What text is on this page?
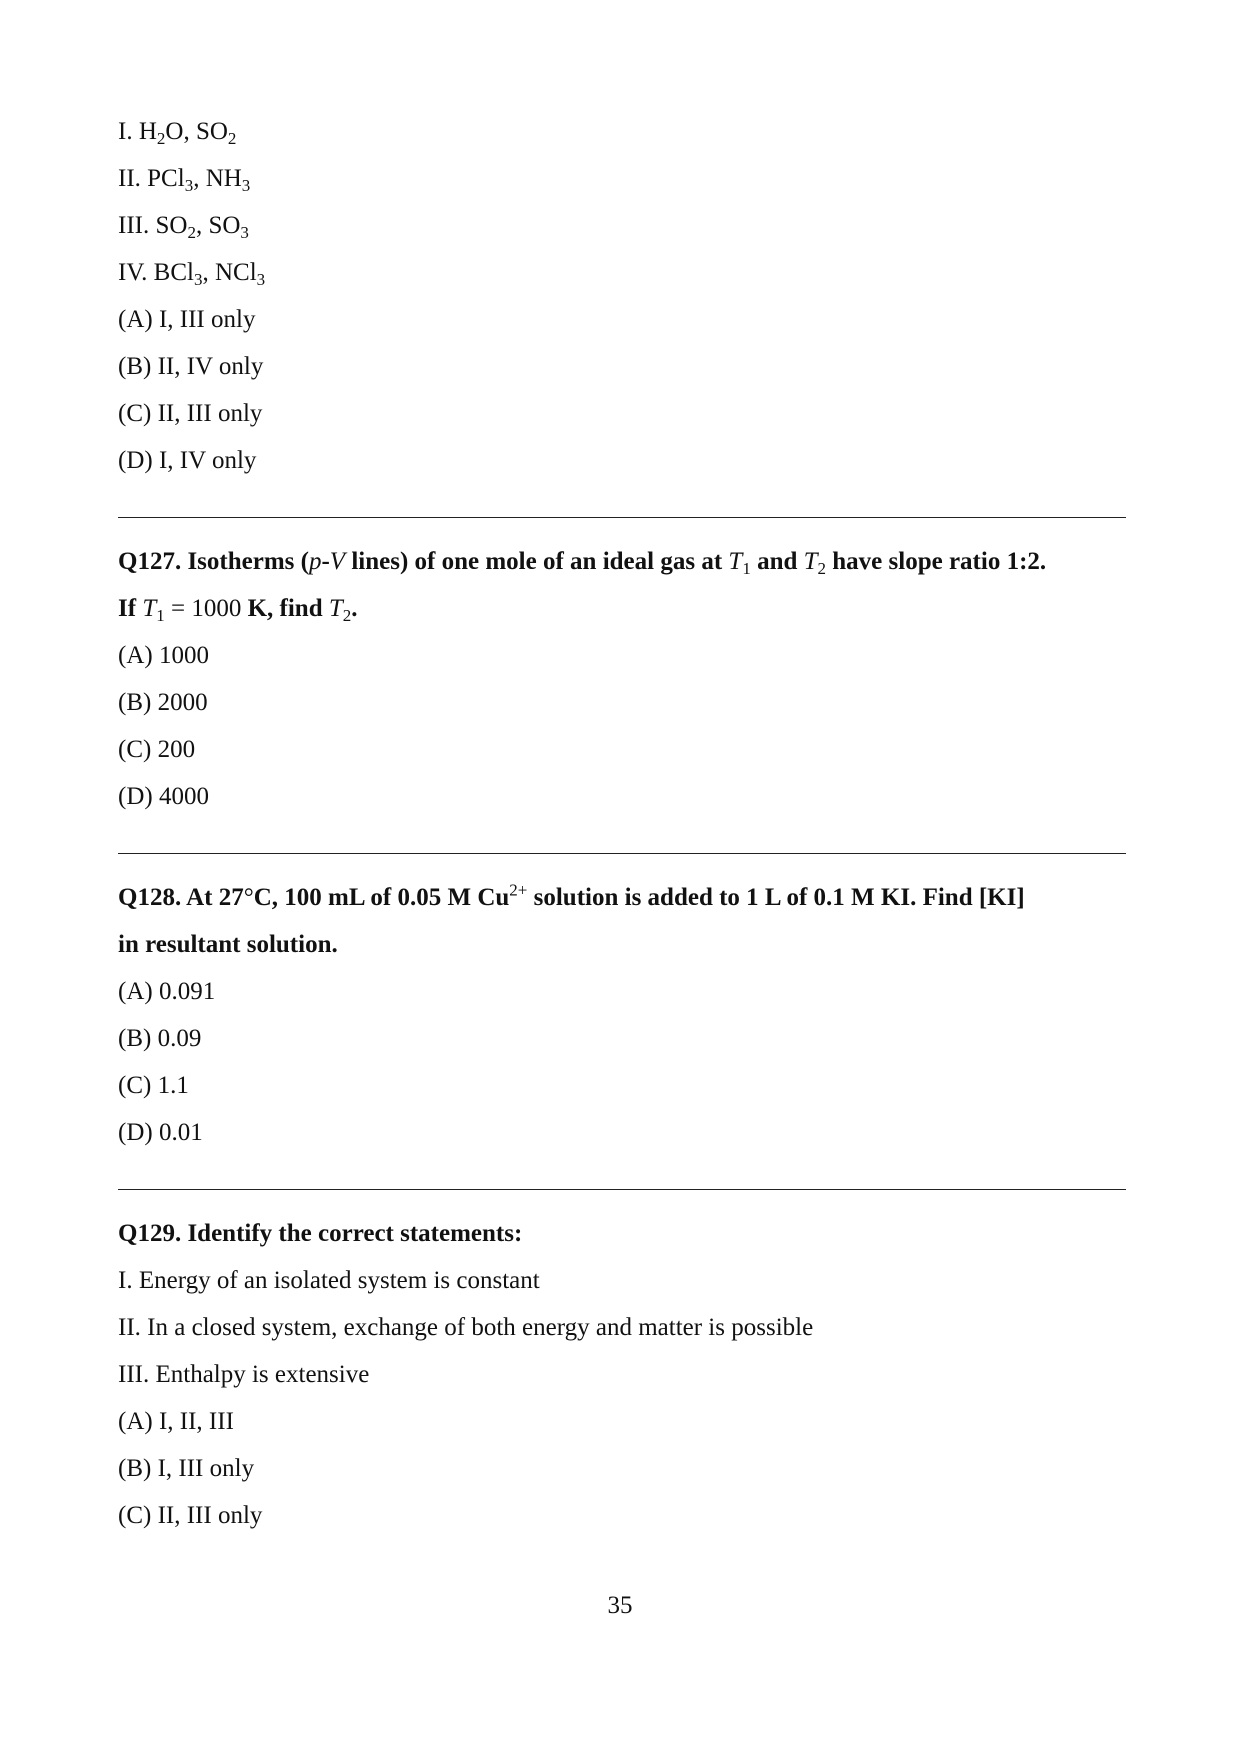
I. $H_2O$, $SO_2$
II. PCl$_3$, $NH_3$
III. $SO_2$, $SO_3$
IV. BCl$_3$, NCl$_3$
(A) I, III only
(B) II, IV only
(C) II, III only
(D) I, IV only
Q127. Isotherms (p-V lines) of one mole of an ideal gas at $T_1$ and $T_2$ have slope ratio 1:2.
If $T_1 = 1000$ K, find $T_2$.
(A) 1000
(B) 2000
(C) 200
(D) 4000
Q128. At 27°C, 100 mL of 0.05 M $Cu^{2+}$ solution is added to 1 L of 0.1 M KI. Find [KI]
in resultant solution.
(A) 0.091
(B) 0.09
(C) 1.1
(D) 0.01
Q129. Identify the correct statements:
I. Energy of an isolated system is constant
II. In a closed system, exchange of both energy and matter is possible
III. Enthalpy is extensive
(A) I, II, III
(B) I, III only
(C) II, III only
35
